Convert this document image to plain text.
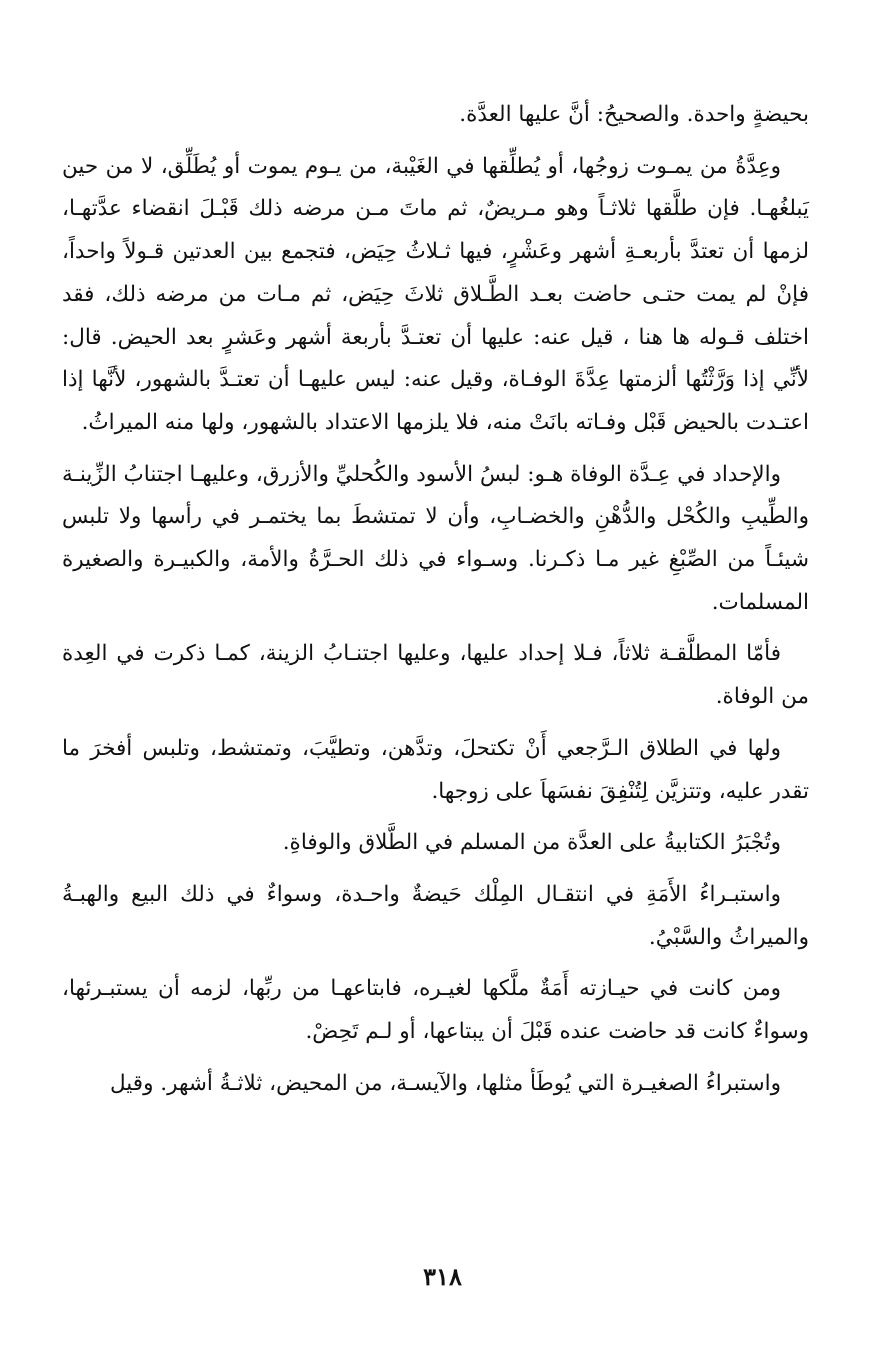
بحيضةٍ واحدة. والصحيحُ: أنَّ عليها العدَّة.

وعِدَّةُ من يمـوت زوجُها، أو يُطلِّقها في الغَيْبة، من يـوم يموت أو يُطَلِّق، لا من حين يَبلغُهـا. فإن طلَّقها ثلاثـاً وهو مـريضٌ، ثم ماتَ مـن مرضه ذلك قَبْـلَ انقضاء عدَّتهـا، لزمها أن تعتدَّ بأربعـةِ أشهر وعَشْرٍ، فيها ثـلاثُ حِيَض، فتجمع بين العدتين قـولاً واحداً، فإنْ لم يمت حتـى حاضت بعـد الطَّـلاق ثلاثَ حِيَض، ثم مـات من مرضه ذلك، فقد اختلف قـوله ها هنا ، قيل عنه: عليها أن تعتـدَّ بأربعة أشهر وعَشرٍ بعد الحيض. قال: لأنِّي إذا وَرَّثْتُها ألزمتها عِدَّةَ الوفـاة، وقيل عنه: ليس عليهـا أن تعتـدَّ بالشهور، لأنَّها إذا اعتـدت بالحيض قَبْل وفـاته بانَتْ منه، فلا يلزمها الاعتداد بالشهور، ولها منه الميراثُ.

والإحداد في عِـدَّة الوفاة هـو: لبسُ الأسود والكُحليِّ والأزرق، وعليهـا اجتنابُ الزِّينـة والطِّيبِ والكُحْل والدُّهْنِ والخضـابِ، وأن لا تمتشطَ بما يختمـر في رأسها ولا تلبس شيئـاً من الصِّبْغِ غير مـا ذكـرنا. وسـواء في ذلك الحـرَّةُ والأمة، والكبيـرة والصغيرة المسلمات.

فأمّا المطلَّقـة ثلاثاً، فـلا إحداد عليها، وعليها اجتنـابُ الزينة، كمـا ذكرت في العِدة من الوفاة.

ولها في الطلاق الـرَّجعي أَنْ تكتحلَ، وتدَّهن، وتطيَّبَ، وتمتشط، وتلبس أفخرَ ما تقدر عليه، وتتزيَّن لِتُنْفِقَ نفسَهاَ على زوجها.

وتُجْبَرُ الكتابيةُ على العدَّة من المسلم في الطَّلاق والوفاةِ.

واستبـراءُ الأَمَةِ في انتقـال المِلْك حَيضةٌ واحـدة، وسواءٌ في ذلك البيع والهبـةُ والميراثُ والسَّبْيُ.

ومن كانت في حيـازته أَمَةٌ ملَّكها لغيـره، فابتاعهـا من ربِّها، لزمه أن يستبـرئها، وسواءٌ كانت قد حاضت عنده قَبْلَ أن يبتاعها، أو لـم تَحِضْ.

واستبراءُ الصغيـرة التي يُوطَأ مثلها، والآيسـة، من المحيض، ثلاثـةُ أشهر. وقيل

٣١٨
